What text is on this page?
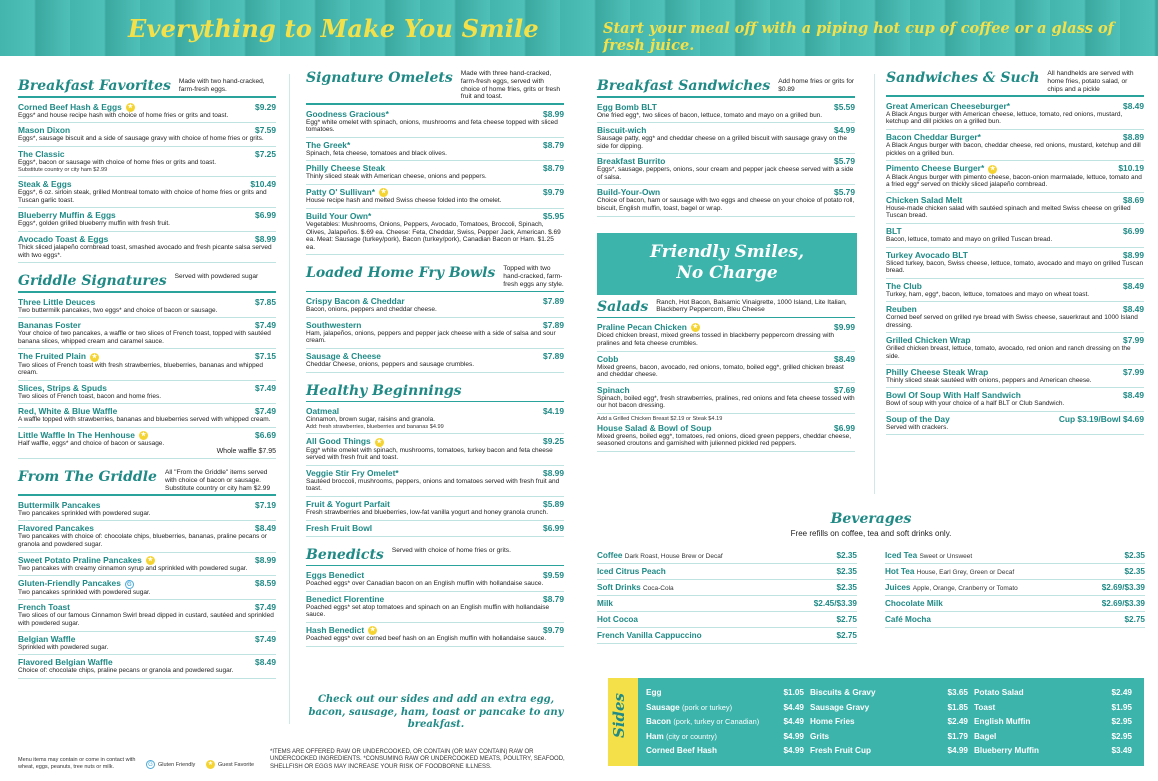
Everything to Make You Smile	Start your meal off with a piping hot cup of coffee or a glass of fresh juice.
Breakfast Favorites Made with two hand-cracked, farm-fresh eggs.
Corned Beef Hash & Eggs ★	$9.29
Eggs* and house recipe hash with choice of home fries or grits and toast.
Mason Dixon	$7.59
Eggs*, sausage biscuit and a side of sausage gravy with choice of home fries or grits.
The Classic	$7.25
Eggs*, bacon or sausage with choice of home fries or grits and toast.
Substitute country or city ham $2.99
Steak & Eggs	$10.49
Eggs*, 6 oz. sirloin steak, grilled Montreal tomato with choice of home fries or grits and Tuscan garlic toast.
Blueberry Muffin & Eggs	$6.99
Eggs*, golden grilled blueberry muffin with fresh fruit.
Avocado Toast & Eggs	$8.99
Thick sliced jalapeño cornbread toast, smashed avocado and fresh picante salsa served with two eggs*.
Griddle Signatures Served with powdered sugar
Three Little Deuces	$7.85
Two buttermilk pancakes, two eggs* and choice of bacon or sausage.
Bananas Foster	$7.49
Your choice of two pancakes, a waffle or two slices of French toast, topped with sautéed banana slices, whipped cream and caramel sauce.
The Fruited Plain ★	$7.15
Two slices of French toast with fresh strawberries, blueberries, bananas and whipped cream.
Slices, Strips & Spuds	$7.49
Two slices of French toast, bacon and home fries.
Red, White & Blue Waffle	$7.49
A waffle topped with strawberries, bananas and blueberries served with whipped cream.
Little Waffle In The Henhouse ★	$6.69
Half waffle, eggs* and choice of bacon or sausage.
Whole waffle $7.95
From The Griddle All "From the Griddle" items served with choice of bacon or sausage. Substitute country or city ham $2.99
Buttermilk Pancakes	$7.19
Two pancakes sprinkled with powdered sugar.
Flavored Pancakes	$8.49
Two pancakes with choice of: chocolate chips, blueberries, bananas, praline pecans or granola and powdered sugar.
Sweet Potato Praline Pancakes ★	$8.99
Two pancakes with creamy cinnamon syrup and sprinkled with powdered sugar.
Gluten-Friendly Pancakes G	$8.59
Two pancakes sprinkled with powdered sugar.
French Toast	$7.49
Two slices of our famous Cinnamon Swirl bread dipped in custard, sautéed and sprinkled with powdered sugar.
Belgian Waffle	$7.49
Sprinkled with powdered sugar.
Flavored Belgian Waffle	$8.49
Choice of: chocolate chips, praline pecans or granola and powdered sugar.
Signature Omelets Made with three hand-cracked, farm-fresh eggs, served with choice of home fries, grits or fresh fruit and toast.
Goodness Gracious*	$8.99
Egg* white omelet with spinach, onions, mushrooms and feta cheese topped with sliced tomatoes.
The Greek*	$8.79
Spinach, feta cheese, tomatoes and black olives.
Philly Cheese Steak	$8.79
Thinly sliced steak with American cheese, onions and peppers.
Patty O' Sullivan* ★	$9.79
House recipe hash and melted Swiss cheese folded into the omelet.
Build Your Own*	$5.95
Vegetables: Mushrooms, Onions, Peppers, Avocado, Tomatoes, Broccoli, Spinach, Olives, Jalapeños. $.69 ea. Cheese: Feta, Cheddar, Swiss, Pepper Jack, American. $.69 ea. Meat: Sausage (turkey/pork), Bacon (turkey/pork), Canadian Bacon or Ham. $1.25 ea.
Loaded Home Fry Bowls Topped with two hand-cracked, farm-fresh eggs any style.
Crispy Bacon & Cheddar	$7.89
Bacon, onions, peppers and cheddar cheese.
Southwestern	$7.89
Ham, jalapeños, onions, peppers and pepper jack cheese with a side of salsa and sour cream.
Sausage & Cheese	$7.89
Cheddar Cheese, onions, peppers and sausage crumbles.
Healthy Beginnings
Oatmeal	$4.19
Cinnamon, brown sugar, raisins and granola.
Add: fresh strawberries, blueberries and bananas $4.99
All Good Things ★	$9.25
Egg* white omelet with spinach, mushrooms, tomatoes, turkey bacon and feta cheese served with fresh fruit and toast.
Veggie Stir Fry Omelet*	$8.99
Sautéed broccoli, mushrooms, peppers, onions and tomatoes served with fresh fruit and toast.
Fruit & Yogurt Parfait	$5.89
Fresh strawberries and blueberries, low-fat vanilla yogurt and honey granola crunch.
Fresh Fruit Bowl	$6.99
Benedicts Served with choice of home fries or grits.
Eggs Benedict	$9.59
Poached eggs* over Canadian bacon on an English muffin with hollandaise sauce.
Benedict Florentine	$8.79
Poached eggs* set atop tomatoes and spinach on an English muffin with hollandaise sauce.
Hash Benedict ★	$9.79
Poached eggs* over corned beef hash on an English muffin with hollandaise sauce.
Breakfast Sandwiches Add home fries or grits for $0.89
Egg Bomb BLT	$5.59
One fried egg*, two slices of bacon, lettuce, tomato and mayo on a grilled bun.
Biscuit-wich	$4.99
Sausage patty, egg* and cheddar cheese on a grilled biscuit with sausage gravy on the side for dipping.
Breakfast Burrito	$5.79
Eggs*, sausage, peppers, onions, sour cream and pepper jack cheese served with a side of salsa.
Build-Your-Own	$5.79
Choice of bacon, ham or sausage with two eggs and cheese on your choice of potato roll, biscuit, English muffin, toast, bagel or wrap.
Salads Ranch, Hot Bacon, Balsamic Vinaigrette, 1000 Island, Lite Italian, Blackberry Peppercorn, Bleu Cheese
Praline Pecan Chicken ★	$9.99
Diced chicken breast, mixed greens tossed in blackberry peppercorn dressing with pralines and feta cheese crumbles.
Cobb	$8.49
Mixed greens, bacon, avocado, red onions, tomato, boiled egg*, grilled chicken breast and cheddar cheese.
Spinach	$7.69
Spinach, boiled egg*, fresh strawberries, pralines, red onions and feta cheese tossed with our hot bacon dressing.
Add a Grilled Chicken Breast $2.19 or Steak $4.19
House Salad & Bowl of Soup	$6.99
Mixed greens, boiled egg*, tomatoes, red onions, diced green peppers, cheddar cheese, seasoned croutons and garnished with julienned pickled red peppers.
Sandwiches & Such All handhelds are served with home fries, potato salad, or chips and a pickle
Great American Cheeseburger*	$8.49
A Black Angus burger with American cheese, lettuce, tomato, red onions, mustard, ketchup and dill pickles on a grilled bun.
Bacon Cheddar Burger*	$8.89
A Black Angus burger with bacon, cheddar cheese, red onions, mustard, ketchup and dill pickles on a grilled bun.
Pimento Cheese Burger* ★	$10.19
A Black Angus burger with pimento cheese, bacon-onion marmalade, lettuce, tomato and a fried egg* served on thickly sliced jalapeño cornbread.
Chicken Salad Melt	$8.69
House-made chicken salad with sautéed spinach and melted Swiss cheese on grilled Tuscan bread.
BLT	$6.99
Bacon, lettuce, tomato and mayo on grilled Tuscan bread.
Turkey Avocado BLT	$8.99
Sliced turkey, bacon, Swiss cheese, lettuce, tomato, avocado and mayo on grilled Tuscan bread.
The Club	$8.49
Turkey, ham, egg*, bacon, lettuce, tomatoes and mayo on wheat toast.
Reuben	$8.49
Corned beef served on grilled rye bread with Swiss cheese, sauerkraut and 1000 Island dressing.
Grilled Chicken Wrap	$7.99
Grilled chicken breast, lettuce, tomato, avocado, red onion and ranch dressing on the side.
Philly Cheese Steak Wrap	$7.99
Thinly sliced steak sautéed with onions, peppers and American cheese.
Bowl Of Soup With Half Sandwich	$8.49
Bowl of soup with your choice of a half BLT or Club Sandwich.
Soup of the Day	Cup $3.19/Bowl $4.69
Served with crackers.
Friendly Smiles, No Charge
Beverages
Free refills on coffee, tea and soft drinks only.
Coffee Dark Roast, House Brew or Decaf	$2.35
Iced Citrus Peach	$2.35
Soft Drinks Coca-Cola	$2.35
Milk	$2.45/$3.39
Hot Cocoa	$2.75
French Vanilla Cappuccino	$2.75
Iced Tea Sweet or Unsweet	$2.35
Hot Tea House, Earl Grey, Green or Decaf	$2.35
Juices Apple, Orange, Cranberry or Tomato	$2.69/$3.39
Chocolate Milk	$2.69/$3.39
Café Mocha	$2.75
Sides
Egg	$1.05 Biscuits & Gravy	$3.65 Potato Salad	$2.49
Sausage (pork or turkey)	$4.49 Sausage Gravy	$1.85 Toast	$1.95
Bacon (pork, turkey or Canadian)	$4.49 Home Fries	$2.49 English Muffin	$2.95
Ham (city or country)	$4.99 Grits	$1.79 Bagel	$2.95
Corned Beef Hash	$4.99 Fresh Fruit Cup	$4.99 Blueberry Muffin	$3.49
Check out our sides and add an extra egg, bacon, sausage, ham, toast or pancake to any breakfast.
Menu items may contain or come in contact with wheat, eggs, peanuts, tree nuts or milk.	G Gluten Friendly ★ Guest Favorite
*ITEMS ARE OFFERED RAW OR UNDERCOOKED, OR CONTAIN (OR MAY CONTAIN) RAW OR UNDERCOOKED INGREDIENTS. *CONSUMING RAW OR UNDERCOOKED MEATS, POULTRY, SEAFOOD, SHELLFISH OR EGGS MAY INCREASE YOUR RISK OF FOODBORNE ILLNESS.
